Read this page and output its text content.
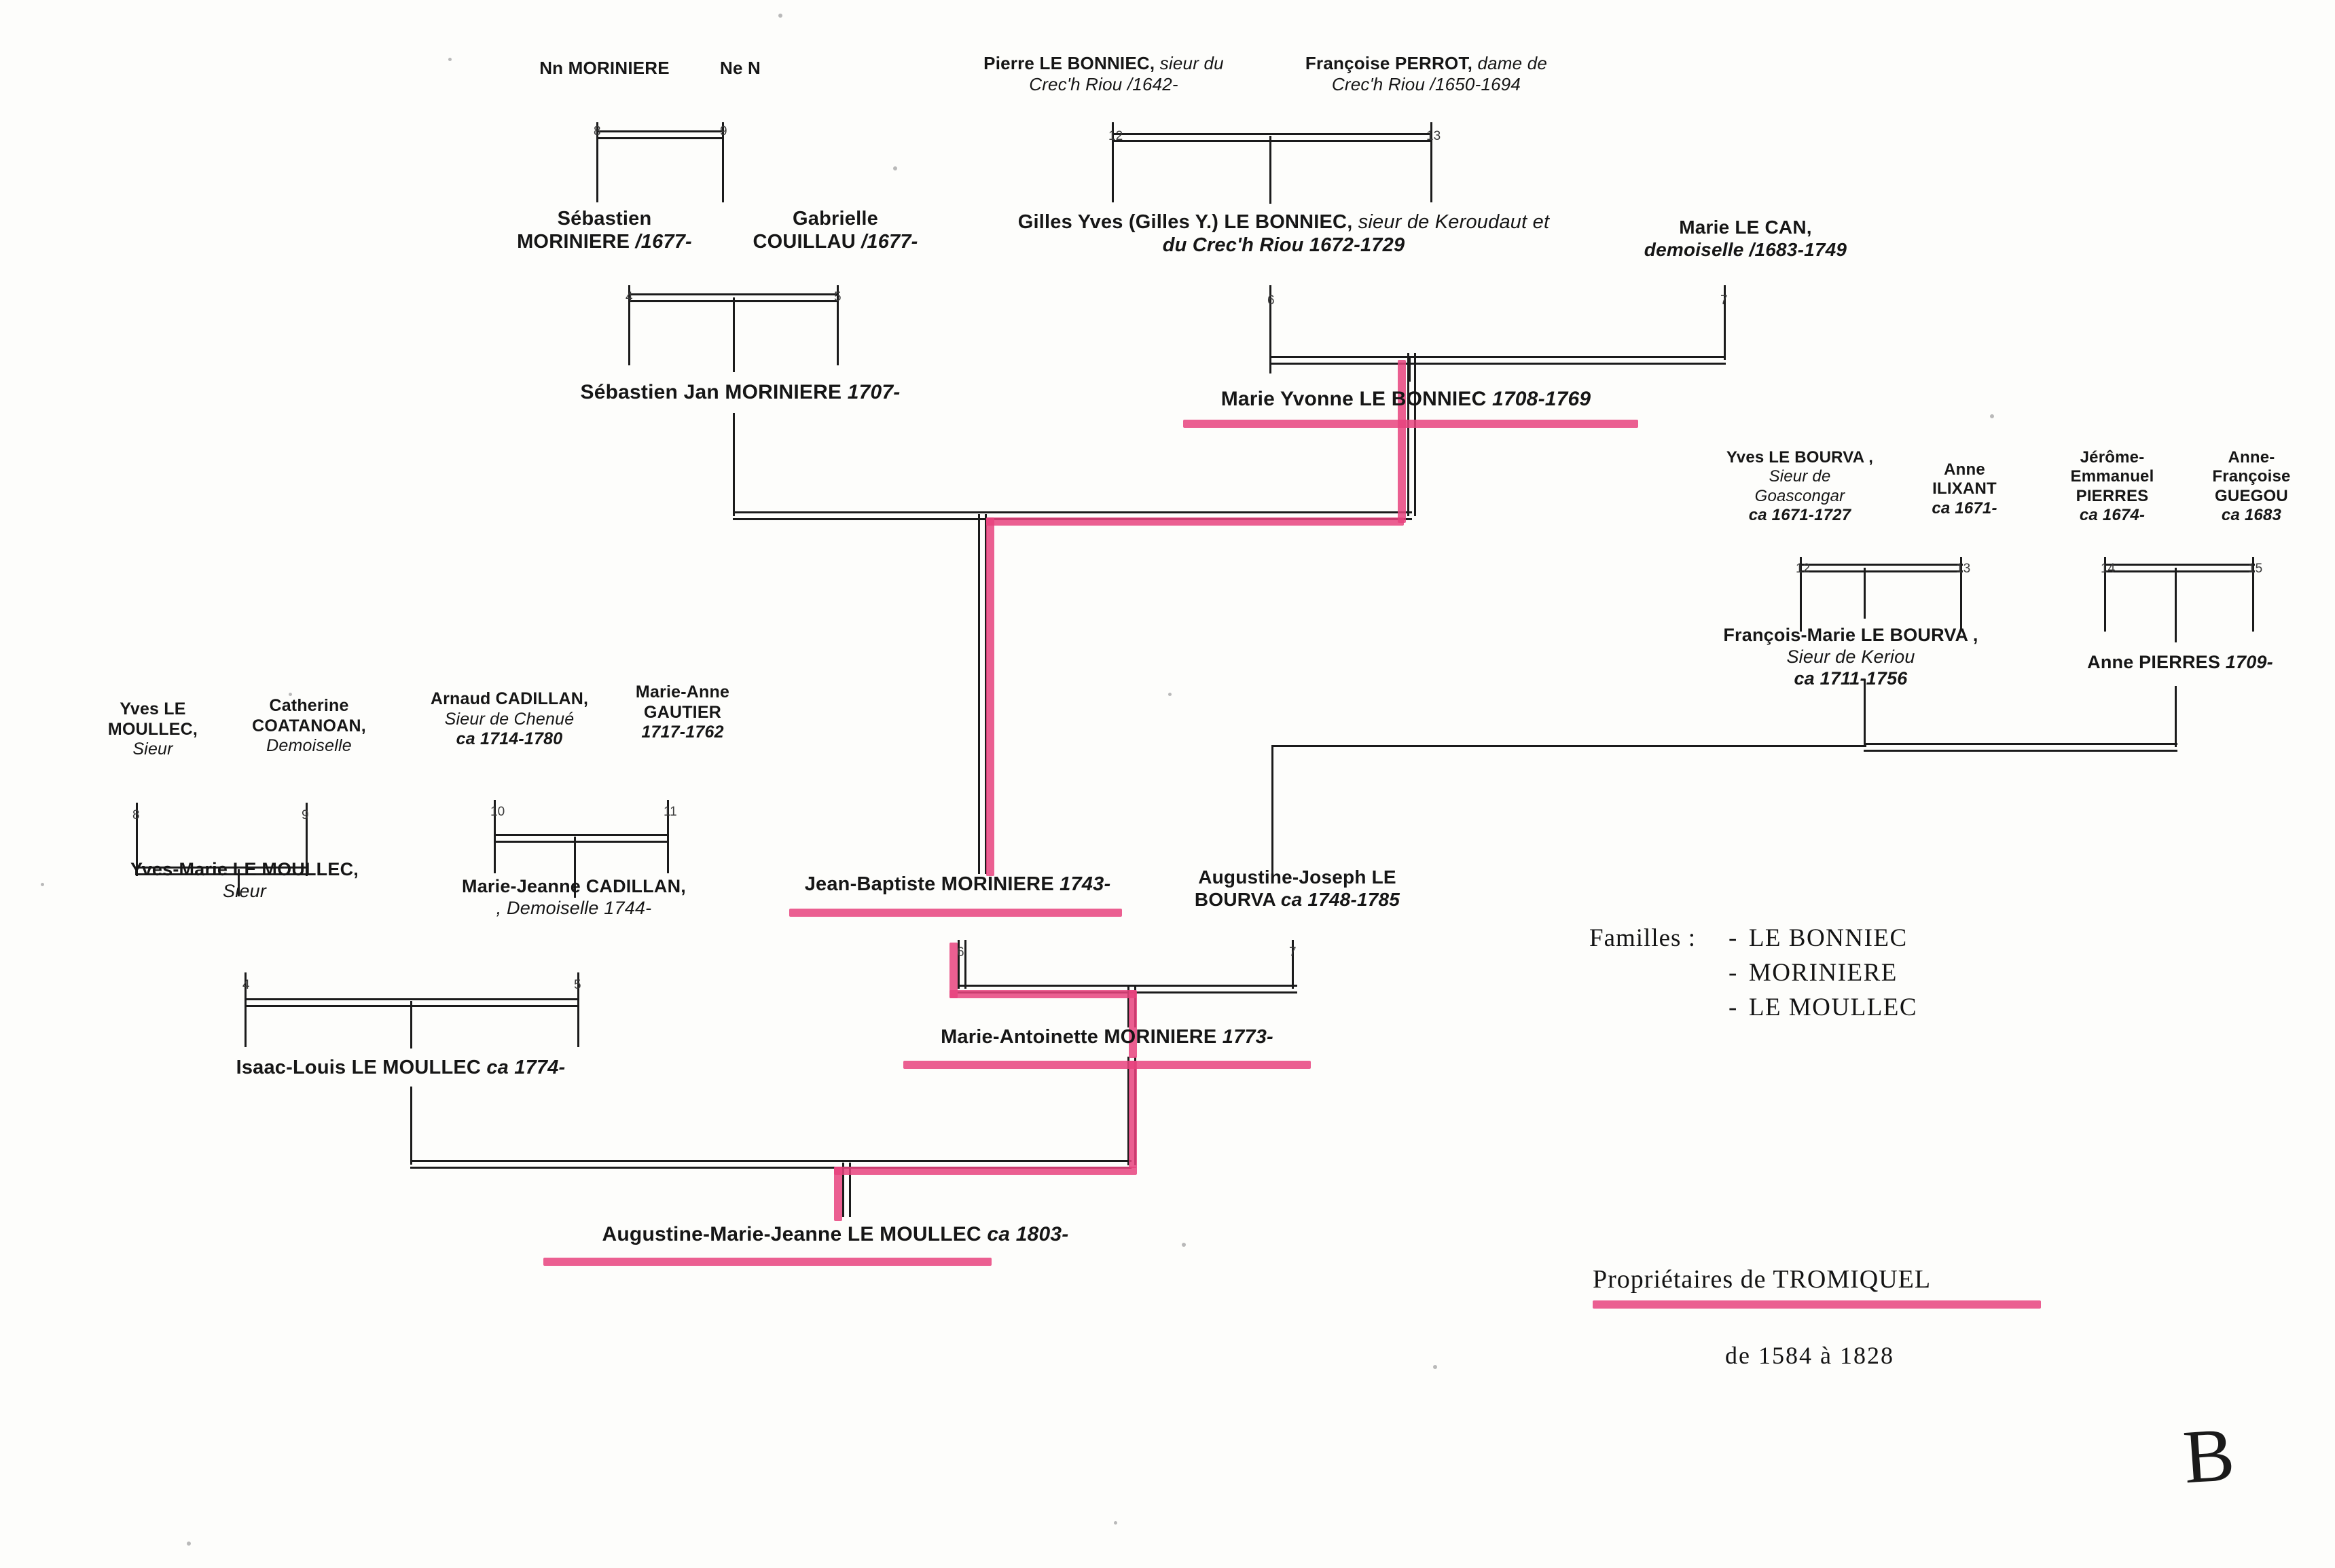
Nn MORINIERE	Ne N	Pierre LE BONNIEC, sieur du
Crec'h Riou /1642-
Françoise PERROT, dame de
Crec'h Riou /1650-1694
Sébastien
MORINIERE /1677-
Gabrielle
COUILLAU /1677-
Gilles Yves (Gilles Y.) LE BONNIEC, sieur de Keroudaut et
du Crec'h Riou 1672-1729
Marie LE CAN,
demoiselle /1683-1749
Sébastien Jan MORINIERE 1707-	Marie Yvonne LE BONNIEC 1708-1769
Yves LE BOURVA ,
Sieur de
Goascongar
ca 1671-1727
Anne
ILIXANT
ca 1671-
Jérôme-
Emmanuel
PIERRES
ca 1674-
Anne-
Françoise
GUEGOU
ca 1683
François-Marie LE BOURVA ,
Sieur de Keriou
ca 1711-1756
Anne PIERRES 1709-
Yves LE
MOULLEC,
Sieur
Catherine
COATANOAN,
Demoiselle
Arnaud CADILLAN,
Sieur de Chenué
ca 1714-1780
Marie-Anne
GAUTIER
1717-1762
Yves-Marie LE MOULLEC,
Sieur	Marie-Jeanne CADILLAN,
, Demoiselle 1744-
Jean-Baptiste MORINIERE 1743-	Augustine-Joseph LE
BOURVA ca 1748-1785
Isaac-Louis LE MOULLEC ca 1774-
Marie-Antoinette MORINIERE 1773-
Augustine-Marie-Jeanne LE MOULLEC ca 1803-
8	9	12	13
4	5	6	7
12	13	14	15
8	9	10	11
4	5
6	7
Familles : - LE BONNIEC
- MORINIERE
- LE MOULLEC
Propriétaires de TROMIQUEL
de 1584 à 1828
B
